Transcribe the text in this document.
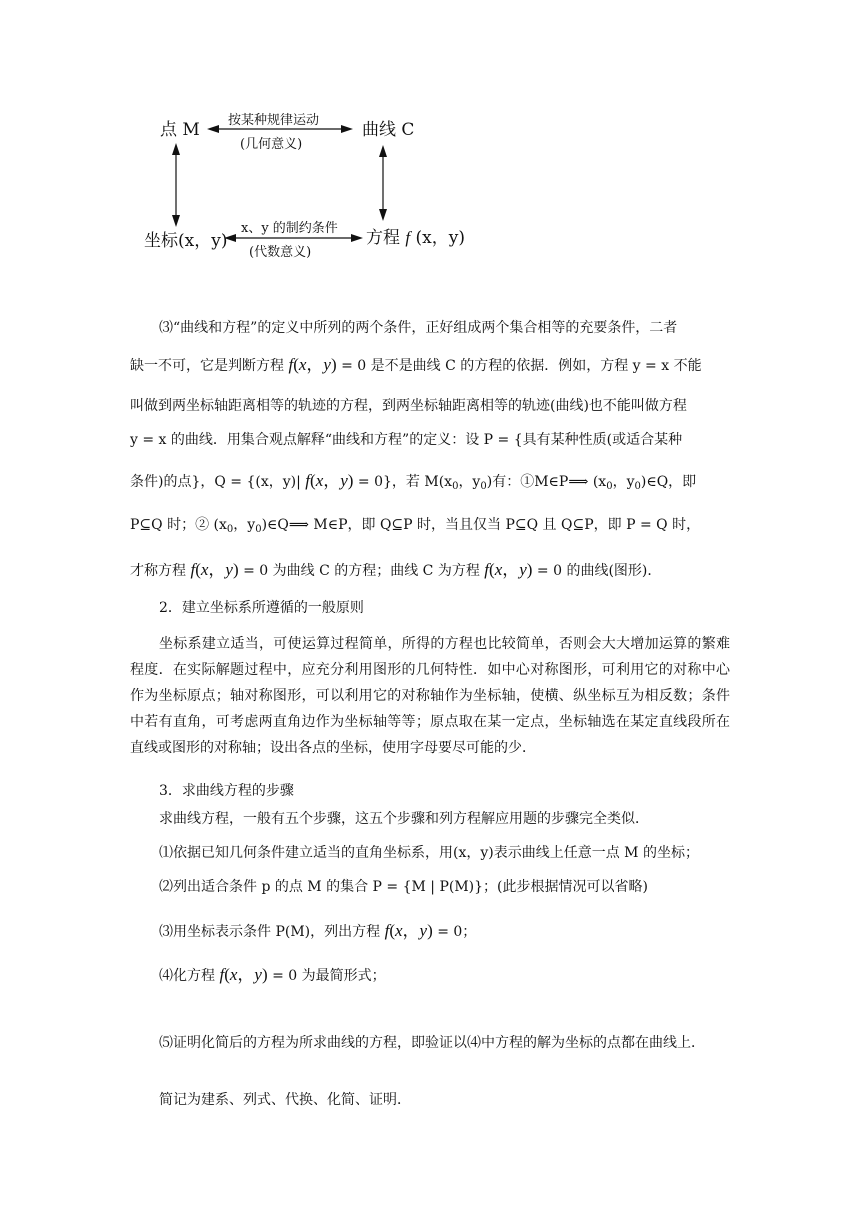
点 M	曲线 C
坐标(x，y)	方程 f (x，y)
按某种规律运动
(几何意义)
x、y 的制约条件
(代数意义)
⑶“曲线和方程”的定义中所列的两个条件，正好组成两个集合相等的充要条件，二者
缺一不可，它是判断方程 f(x，y) = 0 是不是曲线 C 的方程的依据．例如，方程 y = x 不能
叫做到两坐标轴距离相等的轨迹的方程，到两坐标轴距离相等的轨迹(曲线)也不能叫做方程
y = x 的曲线．用集合观点解释“曲线和方程”的定义：设 P = {具有某种性质(或适合某种
条件)的点}，Q = {(x，y)| f(x，y) = 0}，若 $M(x_0$，$y_0$)有：①M∈P⟹ ($x_0$，$y_0)\in Q$，即
P⊆Q 时；② ($x_0$，$y_0)\in Q⟹$ M∈P，即 Q⊆P 时，当且仅当 P⊆Q 且 Q⊆P，即 P = Q 时，
才称方程 f(x，y) = 0 为曲线 C 的方程；曲线 C 为方程 f(x，y) = 0 的曲线(图形)．
2．建立坐标系所遵循的一般原则
坐标系建立适当，可使运算过程简单，所得的方程也比较简单，否则会大大增加运算的繁难程度．在实际解题过程中，应充分利用图形的几何特性．如中心对称图形，可利用它的对称中心作为坐标原点；轴对称图形，可以利用它的对称轴作为坐标轴，使横、纵坐标互为相反数；条件中若有直角，可考虑两直角边作为坐标轴等等；原点取在某一定点，坐标轴选在某定直线段所在直线或图形的对称轴；设出各点的坐标，使用字母要尽可能的少．
3．求曲线方程的步骤
求曲线方程，一般有五个步骤，这五个步骤和列方程解应用题的步骤完全类似．
⑴依据已知几何条件建立适当的直角坐标系，用(x，y)表示曲线上任意一点 M 的坐标；
⑵列出适合条件 p 的点 M 的集合 P = {M | P(M)}；(此步根据情况可以省略)
⑶用坐标表示条件 P(M)，列出方程 f(x，y) = 0；
⑷化方程 f(x，y) = 0 为最简形式；
⑸证明化简后的方程为所求曲线的方程，即验证以⑷中方程的解为坐标的点都在曲线上．
简记为建系、列式、代换、化简、证明．
